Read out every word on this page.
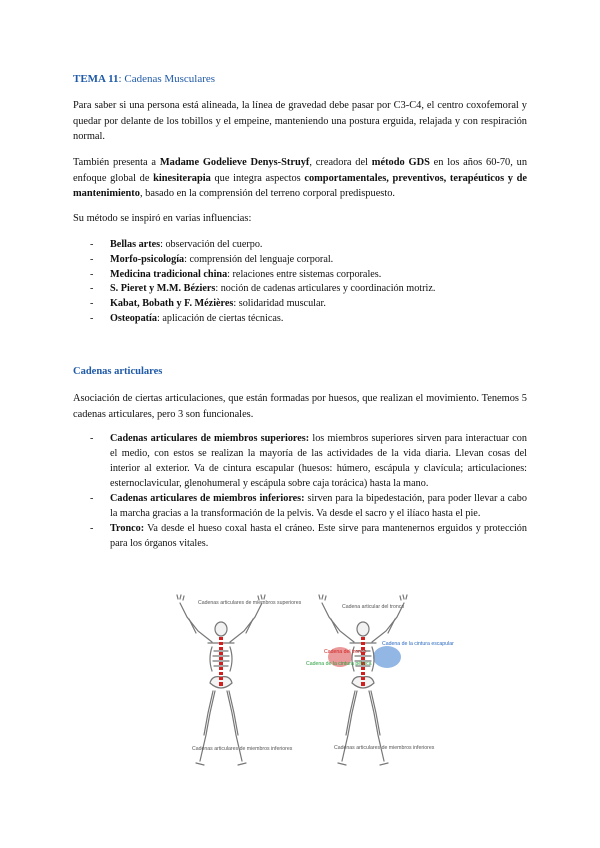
TEMA 11: Cadenas Musculares
Para saber si una persona está alineada, la línea de gravedad debe pasar por C3-C4, el centro coxofemoral y quedar por delante de los tobillos y el empeine, manteniendo una postura erguida, relajada y con respiración normal.
También presenta a Madame Godelieve Denys-Struyf, creadora del método GDS en los años 60-70, un enfoque global de kinesiterapia que integra aspectos comportamentales, preventivos, terapéuticos y de mantenimiento, basado en la comprensión del terreno corporal predispuesto.
Su método se inspiró en varias influencias:
- Bellas artes: observación del cuerpo.
- Morfo-psicología: comprensión del lenguaje corporal.
- Medicina tradicional china: relaciones entre sistemas corporales.
- S. Pieret y M.M. Béziers: noción de cadenas articulares y coordinación motriz.
- Kabat, Bobath y F. Mézières: solidaridad muscular.
- Osteopatía: aplicación de ciertas técnicas.
Cadenas articulares
Asociación de ciertas articulaciones, que están formadas por huesos, que realizan el movimiento. Tenemos 5 cadenas articulares, pero 3 son funcionales.
- Cadenas articulares de miembros superiores: los miembros superiores sirven para interactuar con el medio, con estos se realizan la mayoría de las actividades de la vida diaria. Llevan cosas del interior al exterior. Va de cintura escapular (huesos: húmero, escápula y clavícula; articulaciones: esternoclavicular, glenohumeral y escápula sobre caja torácica) hasta la mano.
- Cadenas articulares de miembros inferiores: sirven para la bipedestación, para poder llevar a cabo la marcha gracias a la transformación de la pelvis. Va desde el sacro y el ilíaco hasta el pie.
- Tronco: Va desde el hueso coxal hasta el cráneo. Este sirve para mantenernos erguidos y protección para los órganos vitales.
Cadenas articulares de miembros superiores
Cadenas articulares de miembros inferiores
Cadena articular del tronco
Cadena del tronco
Cadena de la cintura escapular
Cadena de la cintura pélvica
Cadenas articulares de miembros inferiores
